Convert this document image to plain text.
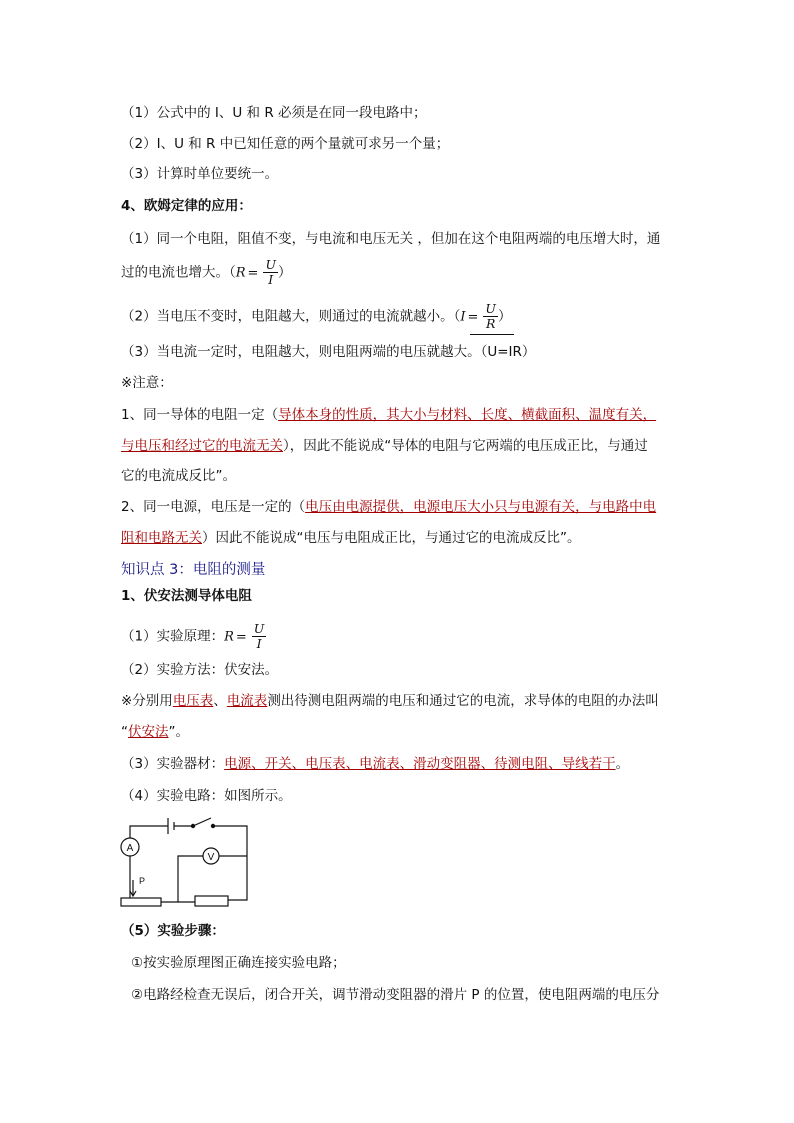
（1）公式中的 I、U 和 R 必须是在同一段电路中；
（2）I、U 和 R 中已知任意的两个量就可求另一个量；
（3）计算时单位要统一。
4、欧姆定律的应用：
（1）同一个电阻，阻值不变，与电流和电压无关 ，但加在这个电阻两端的电压增大时，通
过的电流也增大。（$R = \frac{U}{I}$ ）
（2）当电压不变时，电阻越大，则通过的电流就越小。（$I = \frac{U}{R}$ ）
（3）当电流一定时，电阻越大，则电阻两端的电压就越大。（U=IR）
※注意：
1、同一导体的电阻一定（导体本身的性质，其大小与材料、长度、横截面积、温度有关，
与电压和经过它的电流无关），因此不能说成“导体的电阻与它两端的电压成正比，与通过
它的电流成反比”。
2、同一电源，电压是一定的（电压由电源提供，电源电压大小只与电源有关，与电路中电
阻和电路无关）因此不能说成“电压与电阻成正比，与通过它的电流成反比”。
知识点 3：电阻的测量
1、伏安法测导体电阻
（1）实验原理：$R = \frac{U}{I}$
（2）实验方法：伏安法。
※分别用电压表、电流表测出待测电阻两端的电压和通过它的电流，求导体的电阻的办法叫
“伏安法”。
（3）实验器材：电源、开关、电压表、电流表、滑动变阻器、待测电阻、导线若干。
（4）实验电路：如图所示。
A
V
P
（5）实验步骤：
①按实验原理图正确连接实验电路；
②电路经检查无误后，闭合开关，调节滑动变阻器的滑片 P 的位置，使电阻两端的电压分
